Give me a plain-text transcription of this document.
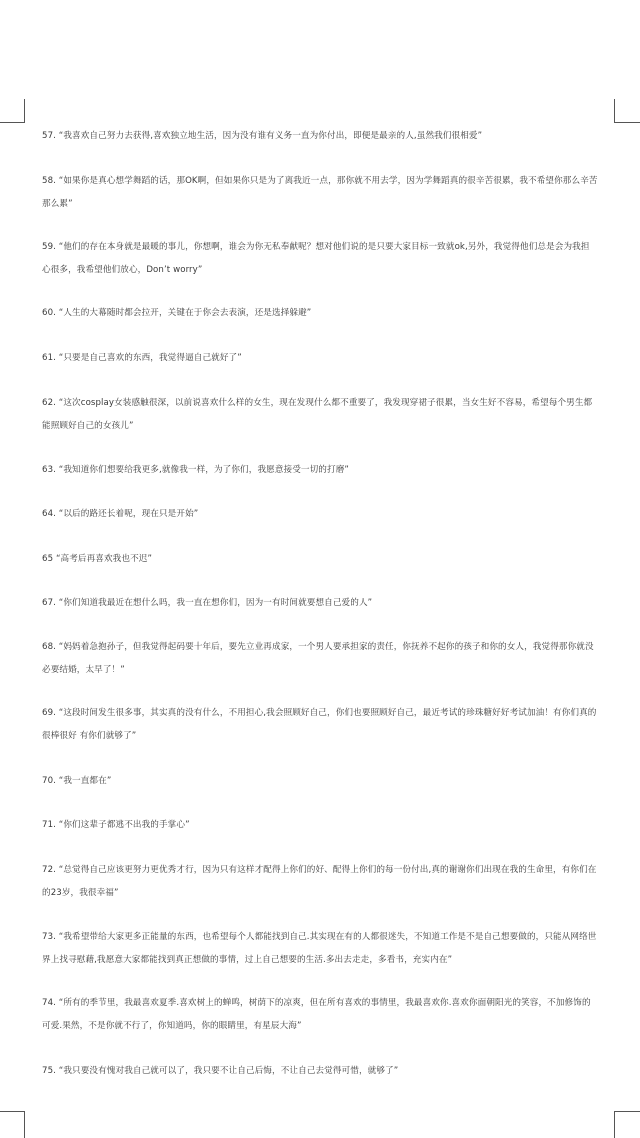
57. “我喜欢自己努力去获得,喜欢独立地生活，因为没有谁有义务一直为你付出，即便是最亲的人,虽然我们很相爱”
58. “如果你是真心想学舞蹈的话，那OK啊，但如果你只是为了离我近一点，那你就不用去学，因为学舞蹈真的很辛苦很累，我不希望你那么辛苦那么累”
59. “他们的存在本身就是最暖的事儿，你想啊，谁会为你无私奉献呢？想对他们说的是只要大家目标一致就ok,另外，我觉得他们总是会为我担心很多，我希望他们放心，Don’t worry”
60. “人生的大幕随时都会拉开，关键在于你会去表演，还是选择躲避”
61. “只要是自己喜欢的东西，我觉得逼自己就好了”
62. “这次cosplay女装感触很深，以前说喜欢什么样的女生，现在发现什么都不重要了，我发现穿裙子很累，当女生好不容易，希望每个男生都能照顾好自己的女孩儿”
63. “我知道你们想要给我更多,就像我一样，为了你们，我愿意接受一切的打磨”
64. “以后的路还长着呢，现在只是开始”
65 “高考后再喜欢我也不迟”
67. “你们知道我最近在想什么吗，我一直在想你们，因为一有时间就要想自己爱的人”
68. “妈妈着急抱孙子，但我觉得起码要十年后，要先立业再成家，一个男人要承担家的责任，你抚养不起你的孩子和你的女人，我觉得那你就没必要结婚，太早了！”
69. “这段时间发生很多事，其实真的没有什么，不用担心,我会照顾好自己，你们也要照顾好自己，最近考试的珍珠糖好好考试加油！有你们真的很棒很好 有你们就够了”
70. “我一直都在”
71. “你们这辈子都逃不出我的手掌心”
72. “总觉得自己应该更努力更优秀才行，因为只有这样才配得上你们的好、配得上你们的每一份付出,真的谢谢你们出现在我的生命里，有你们在的23岁，我很幸福”
73. “我希望带给大家更多正能量的东西，也希望每个人都能找到自己.其实现在有的人都很迷失，不知道工作是不是自己想要做的，只能从网络世界上找寻慰藉,我愿意大家都能找到真正想做的事情，过上自己想要的生活.多出去走走，多看书，充实内在”
74. “所有的季节里，我最喜欢夏季.喜欢树上的蝉鸣，树荫下的凉爽，但在所有喜欢的事情里，我最喜欢你.喜欢你面朝阳光的笑容，不加修饰的可爱.果然，不是你就不行了，你知道吗，你的眼睛里，有星辰大海”
75. “我只要没有愧对我自己就可以了，我只要不让自己后悔，不让自己去觉得可惜，就够了”
